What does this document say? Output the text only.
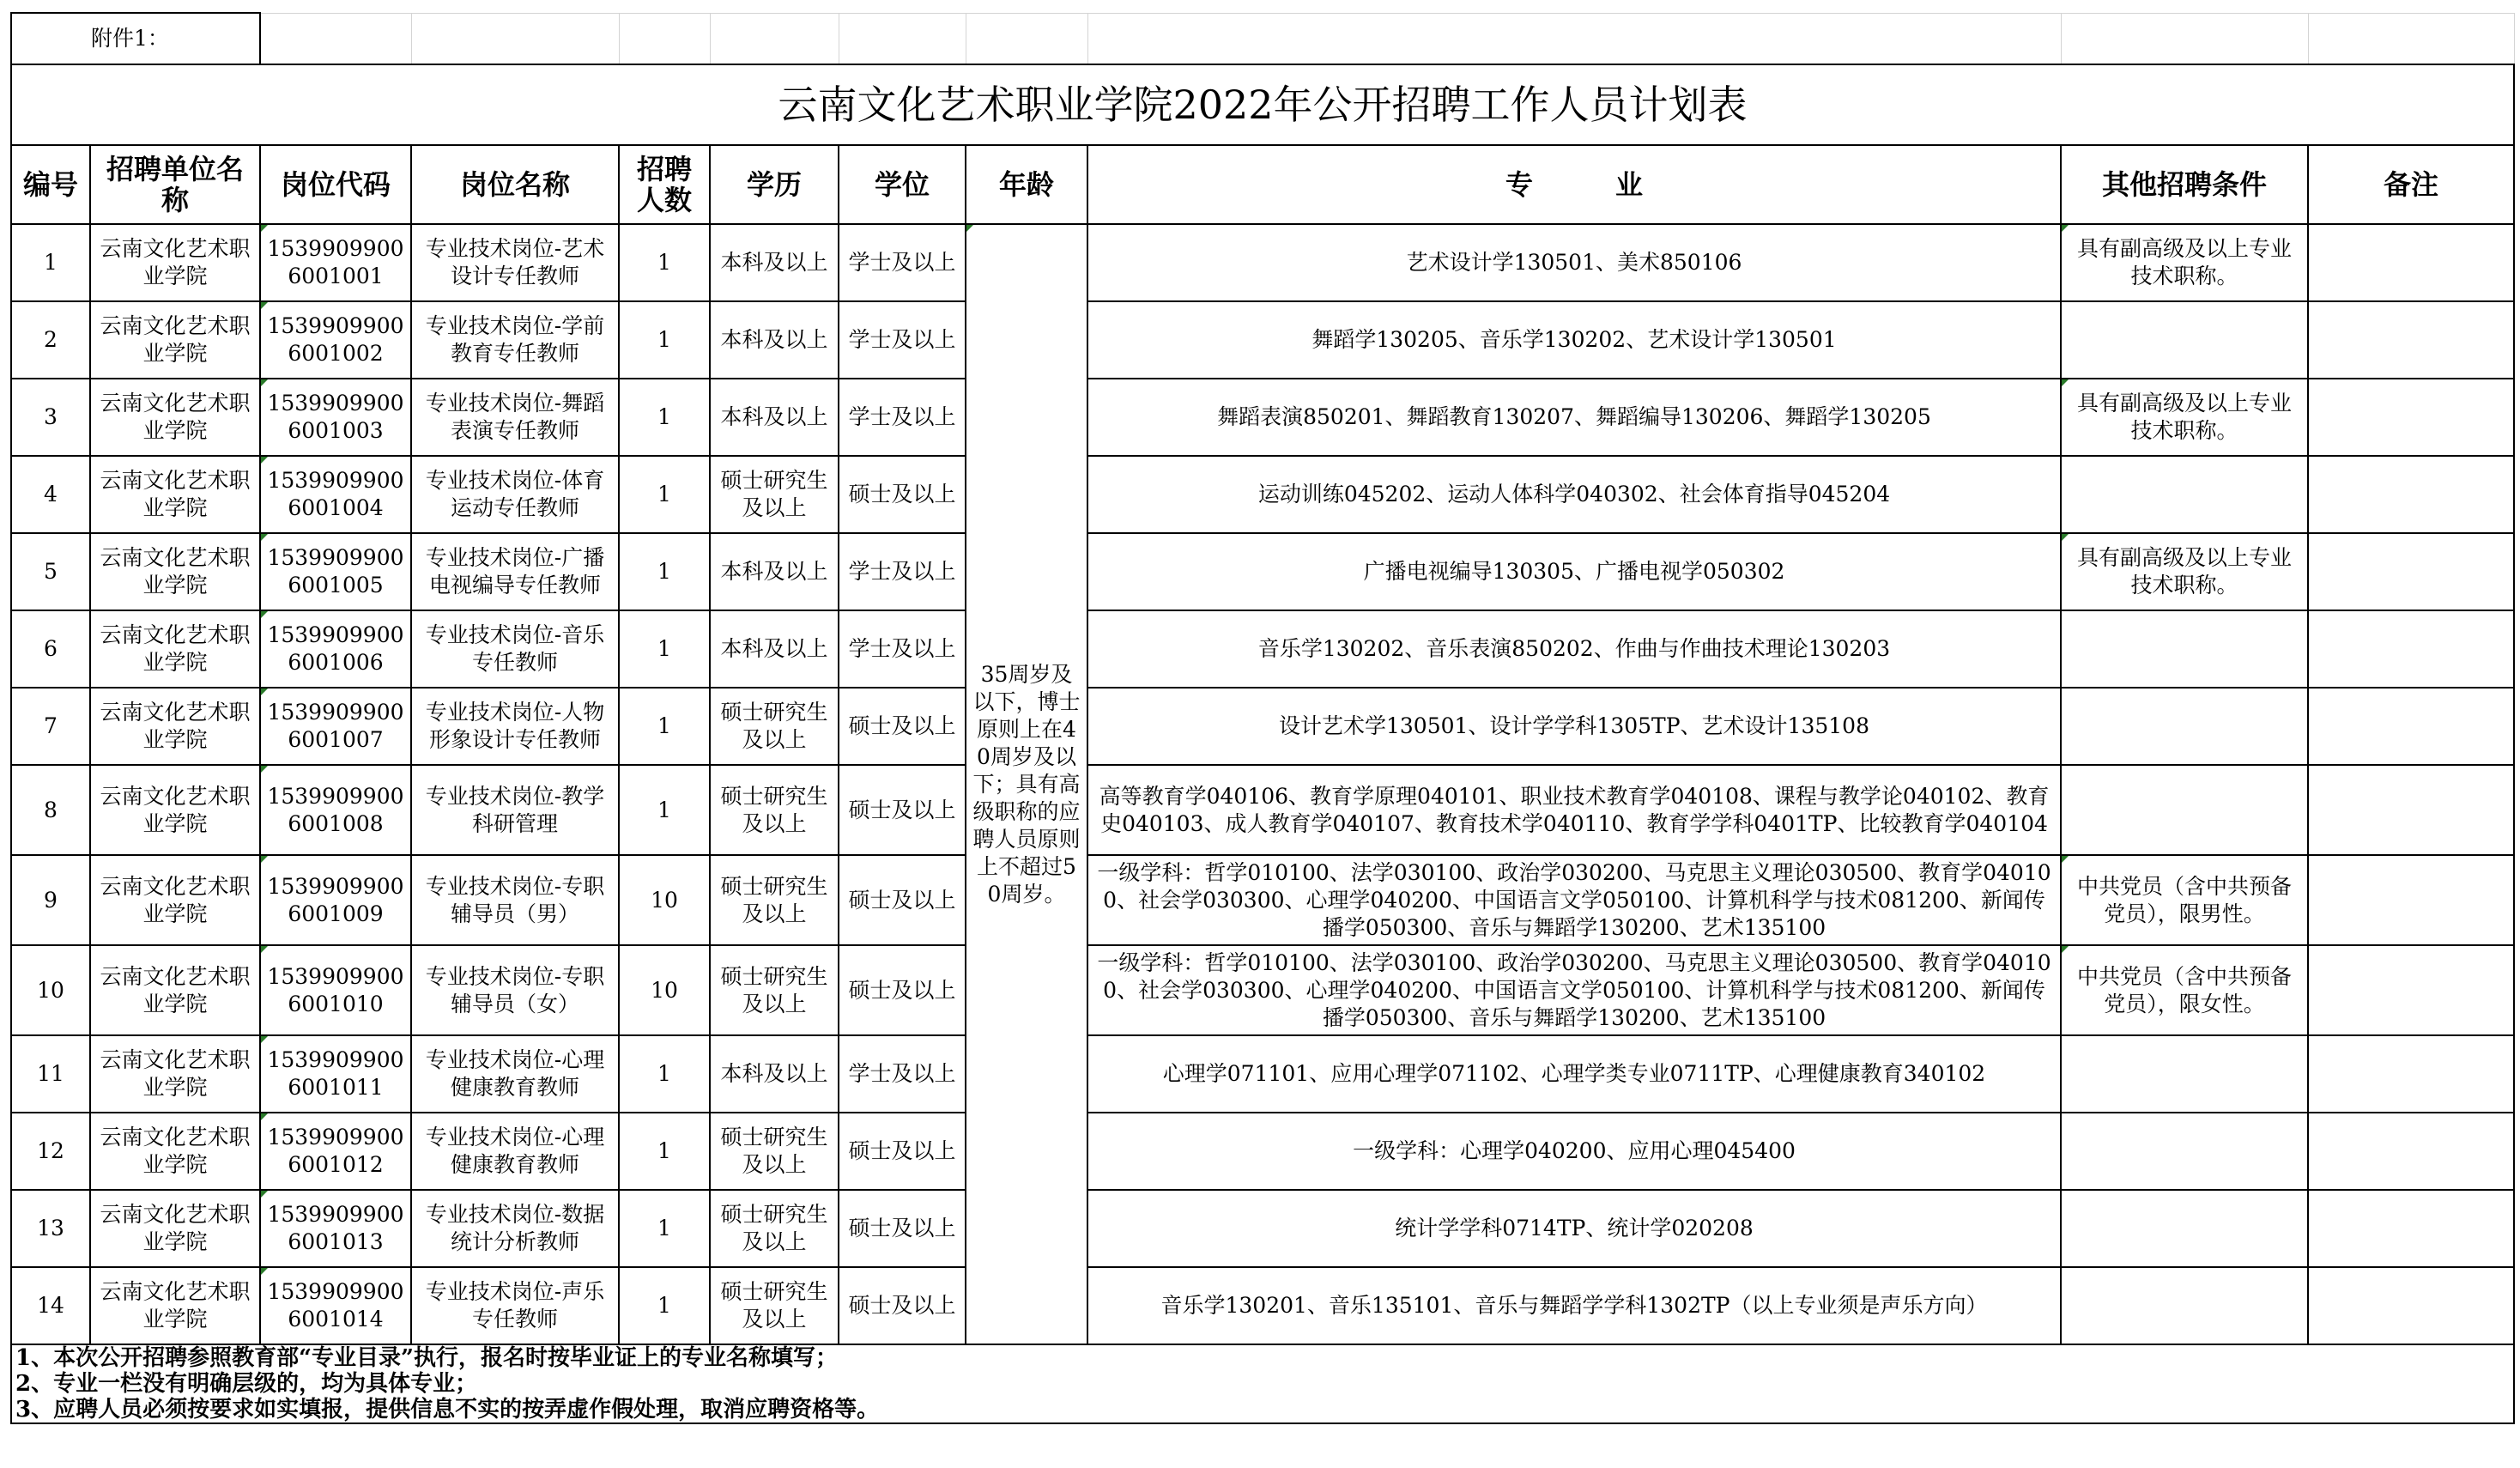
附件1：										
云南文化艺术职业学院2022年公开招聘工作人员计划表										
编号	招聘单位名称	岗位代码	岗位名称	招聘人数	学历	学位	年龄	专　　　业	其他招聘条件	备注
1	云南文化艺术职业学院	15399099006001001	专业技术岗位-艺术设计专任教师	1	本科及以上	学士及以上	35周岁及以下，博士原则上在40周岁及以下；具有高级职称的应聘人员原则上不超过50周岁。	艺术设计学130501、美术850106	具有副高级及以上专业技术职称。	
2	云南文化艺术职业学院	15399099006001002	专业技术岗位-学前教育专任教师	1	本科及以上	学士及以上		舞蹈学130205、音乐学130202、艺术设计学130501		
3	云南文化艺术职业学院	15399099006001003	专业技术岗位-舞蹈表演专任教师	1	本科及以上	学士及以上		舞蹈表演850201、舞蹈教育130207、舞蹈编导130206、舞蹈学130205	具有副高级及以上专业技术职称。	
4	云南文化艺术职业学院	15399099006001004	专业技术岗位-体育运动专任教师	1	硕士研究生及以上	硕士及以上		运动训练045202、运动人体科学040302、社会体育指导045204		
5	云南文化艺术职业学院	15399099006001005	专业技术岗位-广播电视编导专任教师	1	本科及以上	学士及以上		广播电视编导130305、广播电视学050302	具有副高级及以上专业技术职称。	
6	云南文化艺术职业学院	15399099006001006	专业技术岗位-音乐专任教师	1	本科及以上	学士及以上		音乐学130202、音乐表演850202、作曲与作曲技术理论130203		
7	云南文化艺术职业学院	15399099006001007	专业技术岗位-人物形象设计专任教师	1	硕士研究生及以上	硕士及以上		设计艺术学130501、设计学学科1305TP、艺术设计135108		
8	云南文化艺术职业学院	15399099006001008	专业技术岗位-教学科研管理	1	硕士研究生及以上	硕士及以上		高等教育学040106、教育学原理040101、职业技术教育学040108、课程与教学论040102、教育史040103、成人教育学040107、教育技术学040110、教育学学科0401TP、比较教育学040104		
9	云南文化艺术职业学院	15399099006001009	专业技术岗位-专职辅导员（男）	10	硕士研究生及以上	硕士及以上		一级学科：哲学010100、法学030100、政治学030200、马克思主义理论030500、教育学040100、社会学030300、心理学040200、中国语言文学050100、计算机科学与技术081200、新闻传播学050300、音乐与舞蹈学130200、艺术135100	中共党员（含中共预备党员），限男性。	
10	云南文化艺术职业学院	15399099006001010	专业技术岗位-专职辅导员（女）	10	硕士研究生及以上	硕士及以上		一级学科：哲学010100、法学030100、政治学030200、马克思主义理论030500、教育学040100、社会学030300、心理学040200、中国语言文学050100、计算机科学与技术081200、新闻传播学050300、音乐与舞蹈学130200、艺术135100	中共党员（含中共预备党员），限女性。	
11	云南文化艺术职业学院	15399099006001011	专业技术岗位-心理健康教育教师	1	本科及以上	学士及以上		心理学071101、应用心理学071102、心理学类专业0711TP、心理健康教育340102		
12	云南文化艺术职业学院	15399099006001012	专业技术岗位-心理健康教育教师	1	硕士研究生及以上	硕士及以上		一级学科：心理学040200、应用心理045400		
13	云南文化艺术职业学院	15399099006001013	专业技术岗位-数据统计分析教师	1	硕士研究生及以上	硕士及以上		统计学学科0714TP、统计学020208		
14	云南文化艺术职业学院	15399099006001014	专业技术岗位-声乐专任教师	1	硕士研究生及以上	硕士及以上		音乐学130201、音乐135101、音乐与舞蹈学学科1302TP（以上专业须是声乐方向）		
1、本次公开招聘参照教育部“专业目录”执行，报名时按毕业证上的专业名称填写；										
2、专业一栏没有明确层级的，均为具体专业；										
3、应聘人员必须按要求如实填报，提供信息不实的按弄虚作假处理，取消应聘资格等。										
